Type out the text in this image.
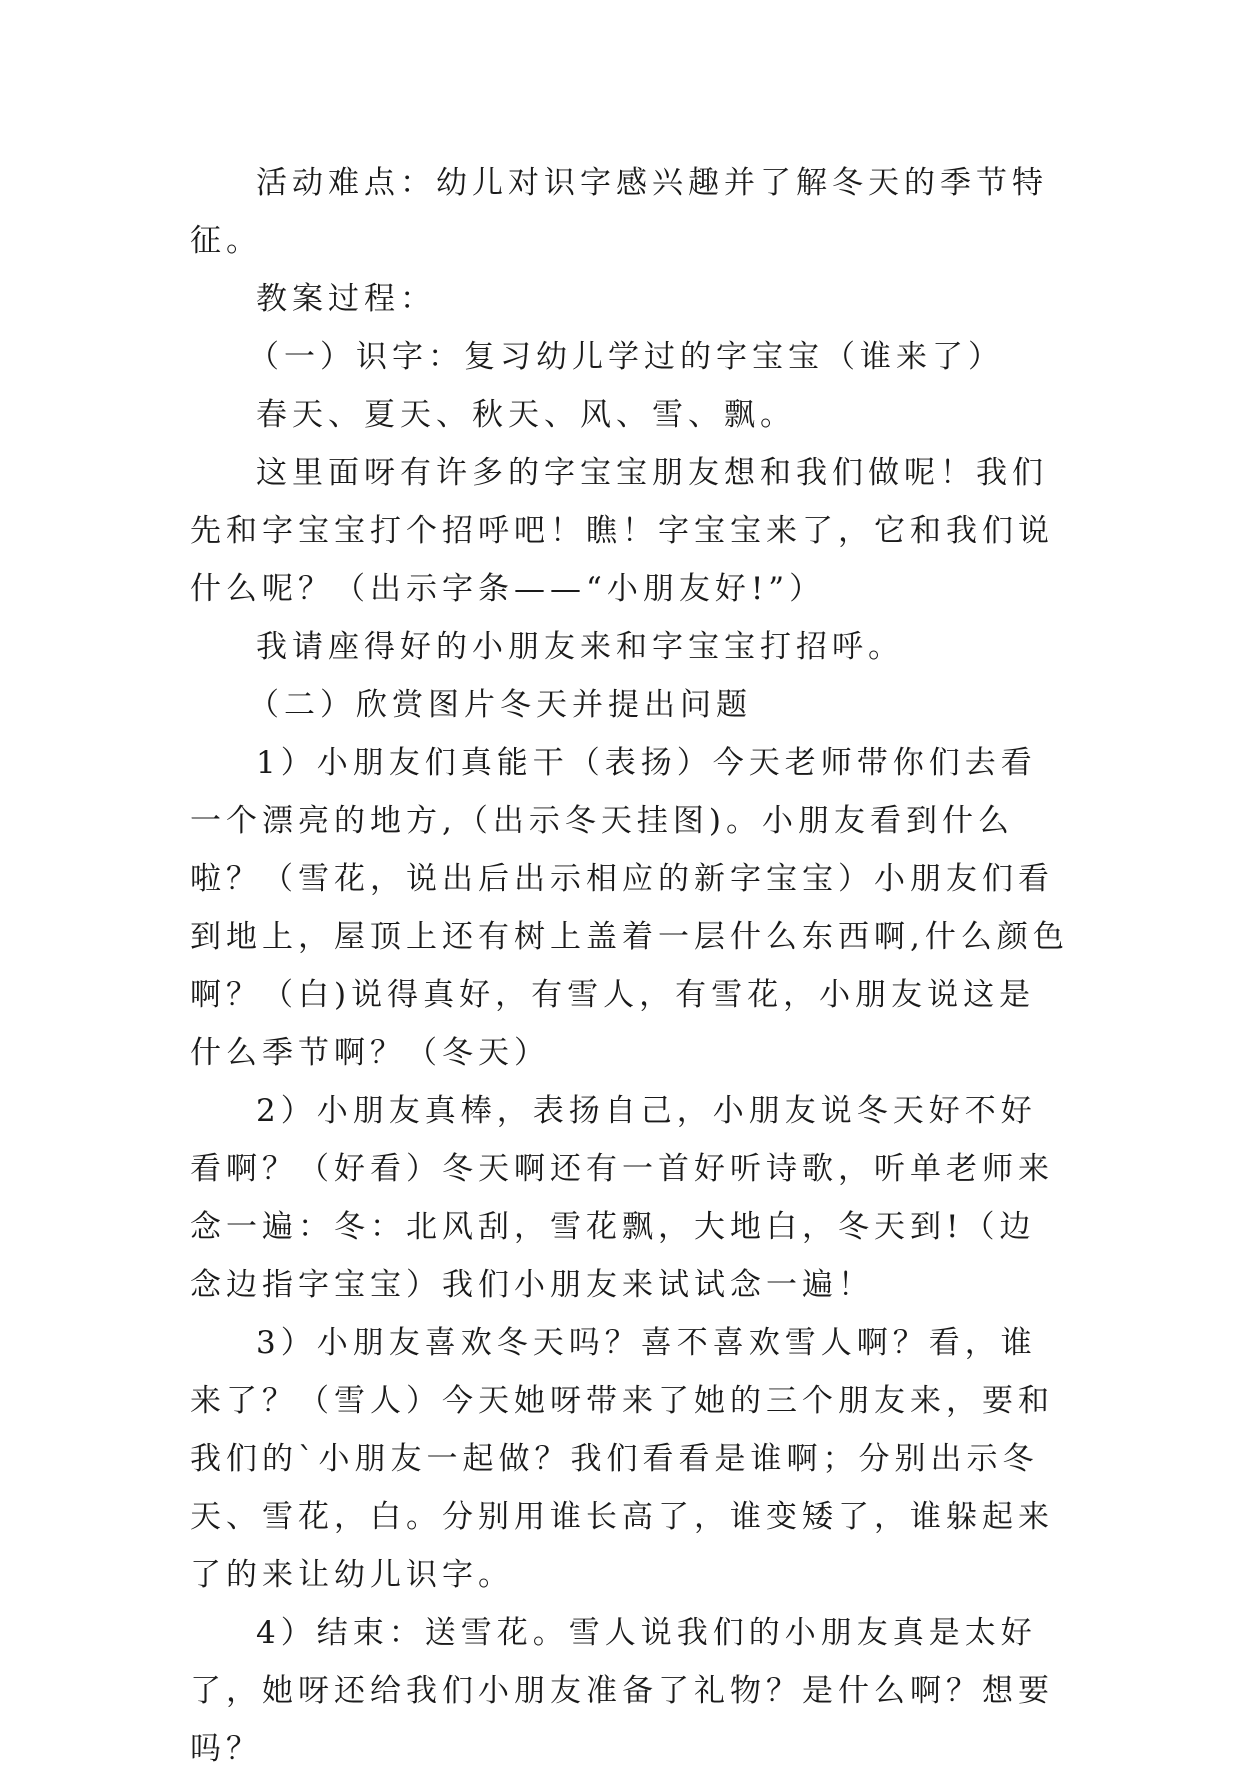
活动难点：幼儿对识字感兴趣并了解冬天的季节特征。

教案过程：

（一）识字：复习幼儿学过的字宝宝（谁来了）

春天、夏天、秋天、风、雪、飘。

这里面呀有许多的字宝宝朋友想和我们做呢！我们先和字宝宝打个招呼吧！瞧！字宝宝来了，它和我们说什么呢？（出示字条——“小朋友好!”）

我请座得好的小朋友来和字宝宝打招呼。

（二）欣赏图片冬天并提出问题

1）小朋友们真能干（表扬）今天老师带你们去看一个漂亮的地方,（出示冬天挂图)。小朋友看到什么啦？（雪花，说出后出示相应的新字宝宝）小朋友们看到地上，屋顶上还有树上盖着一层什么东西啊,什么颜色啊？（白)说得真好，有雪人，有雪花，小朋友说这是什么季节啊？（冬天）

2）小朋友真棒，表扬自己，小朋友说冬天好不好看啊？（好看）冬天啊还有一首好听诗歌，听单老师来念一遍：冬：北风刮，雪花飘，大地白，冬天到!（边念边指字宝宝）我们小朋友来试试念一遍！

3）小朋友喜欢冬天吗？喜不喜欢雪人啊？看，谁来了？（雪人）今天她呀带来了她的三个朋友来，要和我们的`小朋友一起做？我们看看是谁啊；分别出示冬天、雪花，白。分别用谁长高了，谁变矮了，谁躲起来了的来让幼儿识字。

4）结束：送雪花。雪人说我们的小朋友真是太好了，她呀还给我们小朋友准备了礼物？是什么啊？想要吗？
